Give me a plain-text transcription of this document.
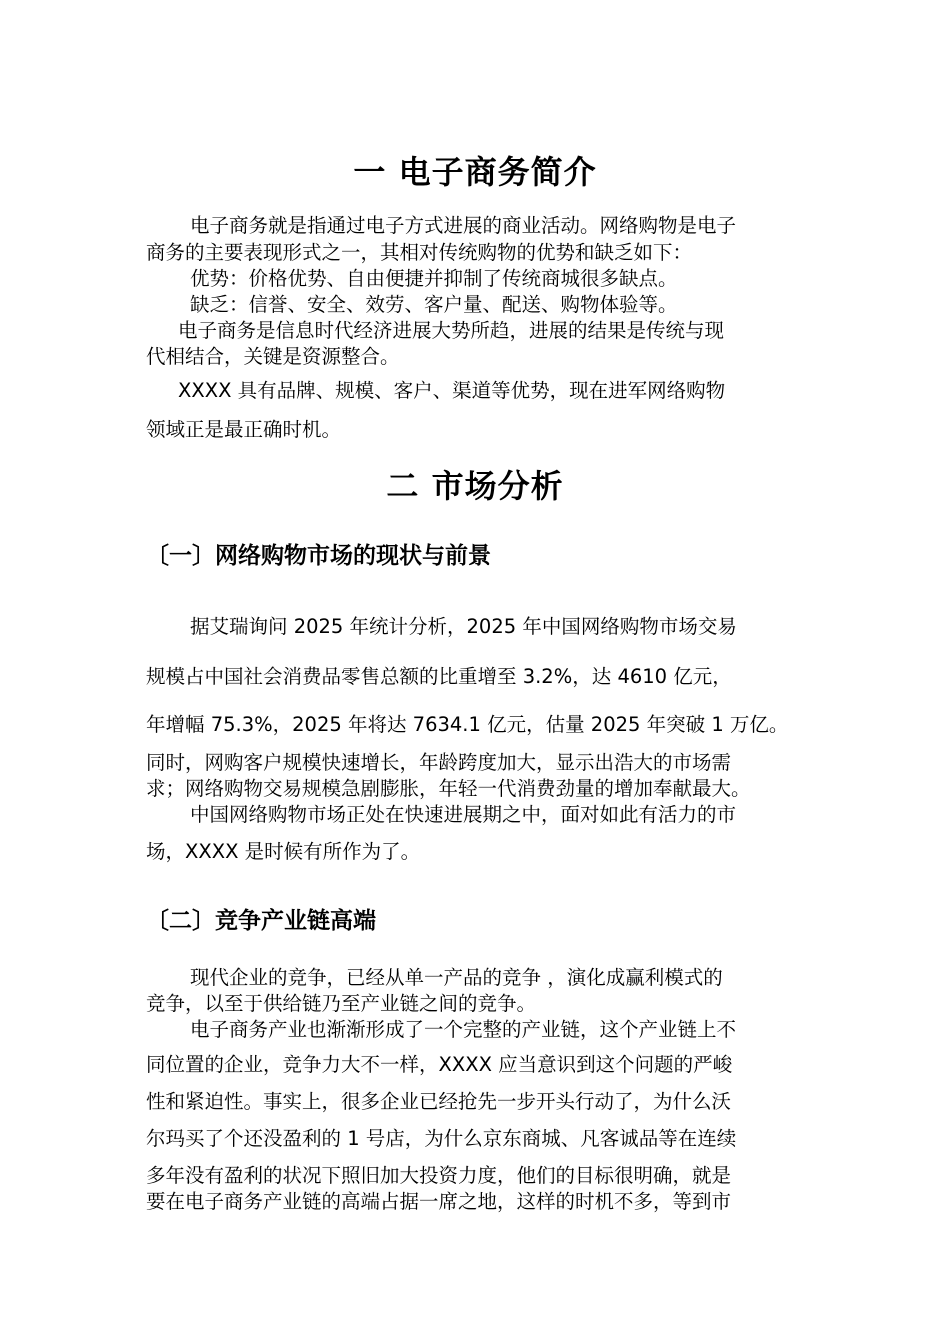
一 电子商务简介

电子商务就是指通过电子方式进展的商业活动。网络购物是电子

商务的主要表现形式之一，其相对传统购物的优势和缺乏如下：

优势：价格优势、自由便捷并抑制了传统商城很多缺点。

缺乏：信誉、安全、效劳、客户量、配送、购物体验等。

电子商务是信息时代经济进展大势所趋，进展的结果是传统与现

代相结合，关键是资源整合。

XXXX 具有品牌、规模、客户、渠道等优势，现在进军网络购物

领域正是最正确时机。

二 市场分析
〔一〕网络购物市场的现状与前景

据艾瑞询问 2025 年统计分析，2025 年中国网络购物市场交易

规模占中国社会消费品零售总额的比重增至 3.2%，达 4610 亿元，

年增幅 75.3%，2025 年将达 7634.1 亿元，估量 2025 年突破 1 万亿。

同时，网购客户规模快速增长，年龄跨度加大，显示出浩大的市场需

求；网络购物交易规模急剧膨胀，年轻一代消费劲量的增加奉献最大。

中国网络购物市场正处在快速进展期之中，面对如此有活力的市

场，XXXX 是时候有所作为了。

〔二〕竞争产业链高端

现代企业的竞争，已经从单一产品的竞争 ，演化成赢利模式的

竞争，以至于供给链乃至产业链之间的竞争。

电子商务产业也渐渐形成了一个完整的产业链，这个产业链上不

同位置的企业，竞争力大不一样，XXXX 应当意识到这个问题的严峻

性和紧迫性。事实上，很多企业已经抢先一步开头行动了，为什么沃

尔玛买了个还没盈利的 1 号店，为什么京东商城、凡客诚品等在连续

多年没有盈利的状况下照旧加大投资力度，他们的目标很明确，就是

要在电子商务产业链的高端占据一席之地，这样的时机不多，等到市
